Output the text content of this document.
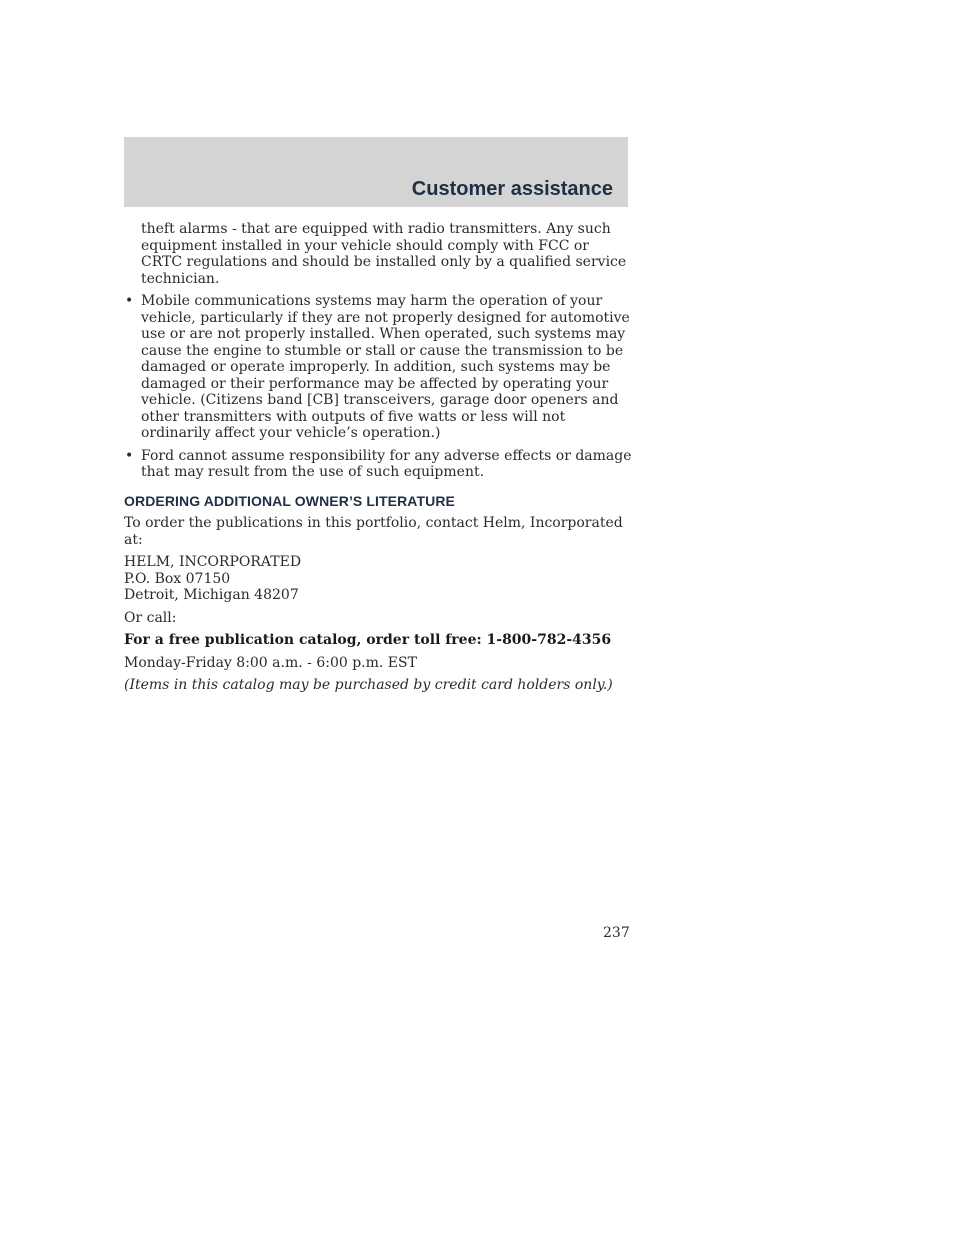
Customer assistance

theft alarms - that are equipped with radio transmitters. Any such equipment installed in your vehicle should comply with FCC or CRTC regulations and should be installed only by a qualified service technician.

• Mobile communications systems may harm the operation of your vehicle, particularly if they are not properly designed for automotive use or are not properly installed. When operated, such systems may cause the engine to stumble or stall or cause the transmission to be damaged or operate improperly. In addition, such systems may be damaged or their performance may be affected by operating your vehicle. (Citizens band [CB] transceivers, garage door openers and other transmitters with outputs of five watts or less will not ordinarily affect your vehicle’s operation.)
• Ford cannot assume responsibility for any adverse effects or damage that may result from the use of such equipment.
ORDERING ADDITIONAL OWNER’S LITERATURE

To order the publications in this portfolio, contact Helm, Incorporated at:

HELM, INCORPORATED
P.O. Box 07150
Detroit, Michigan 48207

Or call:

For a free publication catalog, order toll free: 1-800-782-4356

Monday-Friday 8:00 a.m. - 6:00 p.m. EST

(Items in this catalog may be purchased by credit card holders only.)

237
